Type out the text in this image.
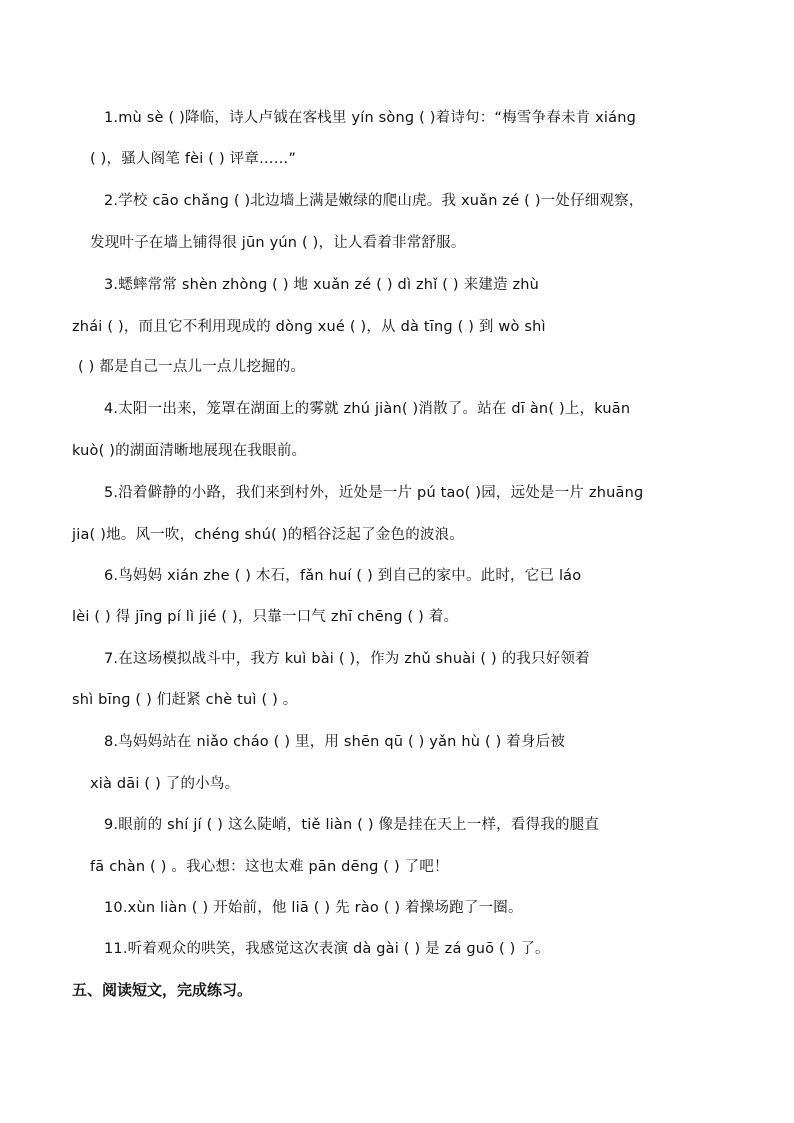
1.mù sè ( )降临，诗人卢钺在客栈里 yín sònɡ ( )着诗句：“梅雪争春未肯 xiánɡ
( )，骚人阁笔 fèi ( ) 评章……”
2.学校 cāo chǎnɡ ( )北边墙上满是嫩绿的爬山虎。我 xuǎn zé ( )一处仔细观察，
发现叶子在墙上铺得很 jūn yún ( )，让人看着非常舒服。
3.蟋蟀常常 shèn zhònɡ ( ) 地 xuǎn zé ( ) dì zhǐ ( ) 来建造 zhù
zhái ( )，而且它不利用现成的 dònɡ xué ( )，从 dà tīnɡ ( ) 到 wò shì
( ) 都是自己一点儿一点儿挖掘的。
4.太阳一出来，笼罩在湖面上的雾就 zhú jiàn( )消散了。站在 dī àn( )上，kuān
kuò( )的湖面清晰地展现在我眼前。
5.沿着僻静的小路，我们来到村外，近处是一片 pú tao( )园，远处是一片 zhuānɡ
jia( )地。风一吹，chéng shú( )的稻谷泛起了金色的波浪。
6.鸟妈妈 xián zhe ( ) 木石，fǎn huí ( ) 到自己的家中。此时，它已 láo
lèi ( ) 得 jīnɡ pí lì jié ( )，只靠一口气 zhī chēnɡ ( ) 着。
7.在这场模拟战斗中，我方 kuì bài ( )，作为 zhǔ shuài ( ) 的我只好领着
shì bīnɡ ( ) 们赶紧 chè tuì ( ) 。
8.鸟妈妈站在 niǎo cháo ( ) 里，用 shēn qū ( ) yǎn hù ( ) 着身后被
xià dāi ( ) 了的小鸟。
9.眼前的 shí jí ( ) 这么陡峭，tiě liàn ( ) 像是挂在天上一样，看得我的腿直
fā chàn ( ) 。我心想：这也太难 pān dēnɡ ( ) 了吧！
10.xùn liàn ( ) 开始前，他 liā ( ) 先 rào ( ) 着操场跑了一圈。
11.听着观众的哄笑，我感觉这次表演 dà gài ( ) 是 zá ɡuō ( ) 了。
五、阅读短文，完成练习。
